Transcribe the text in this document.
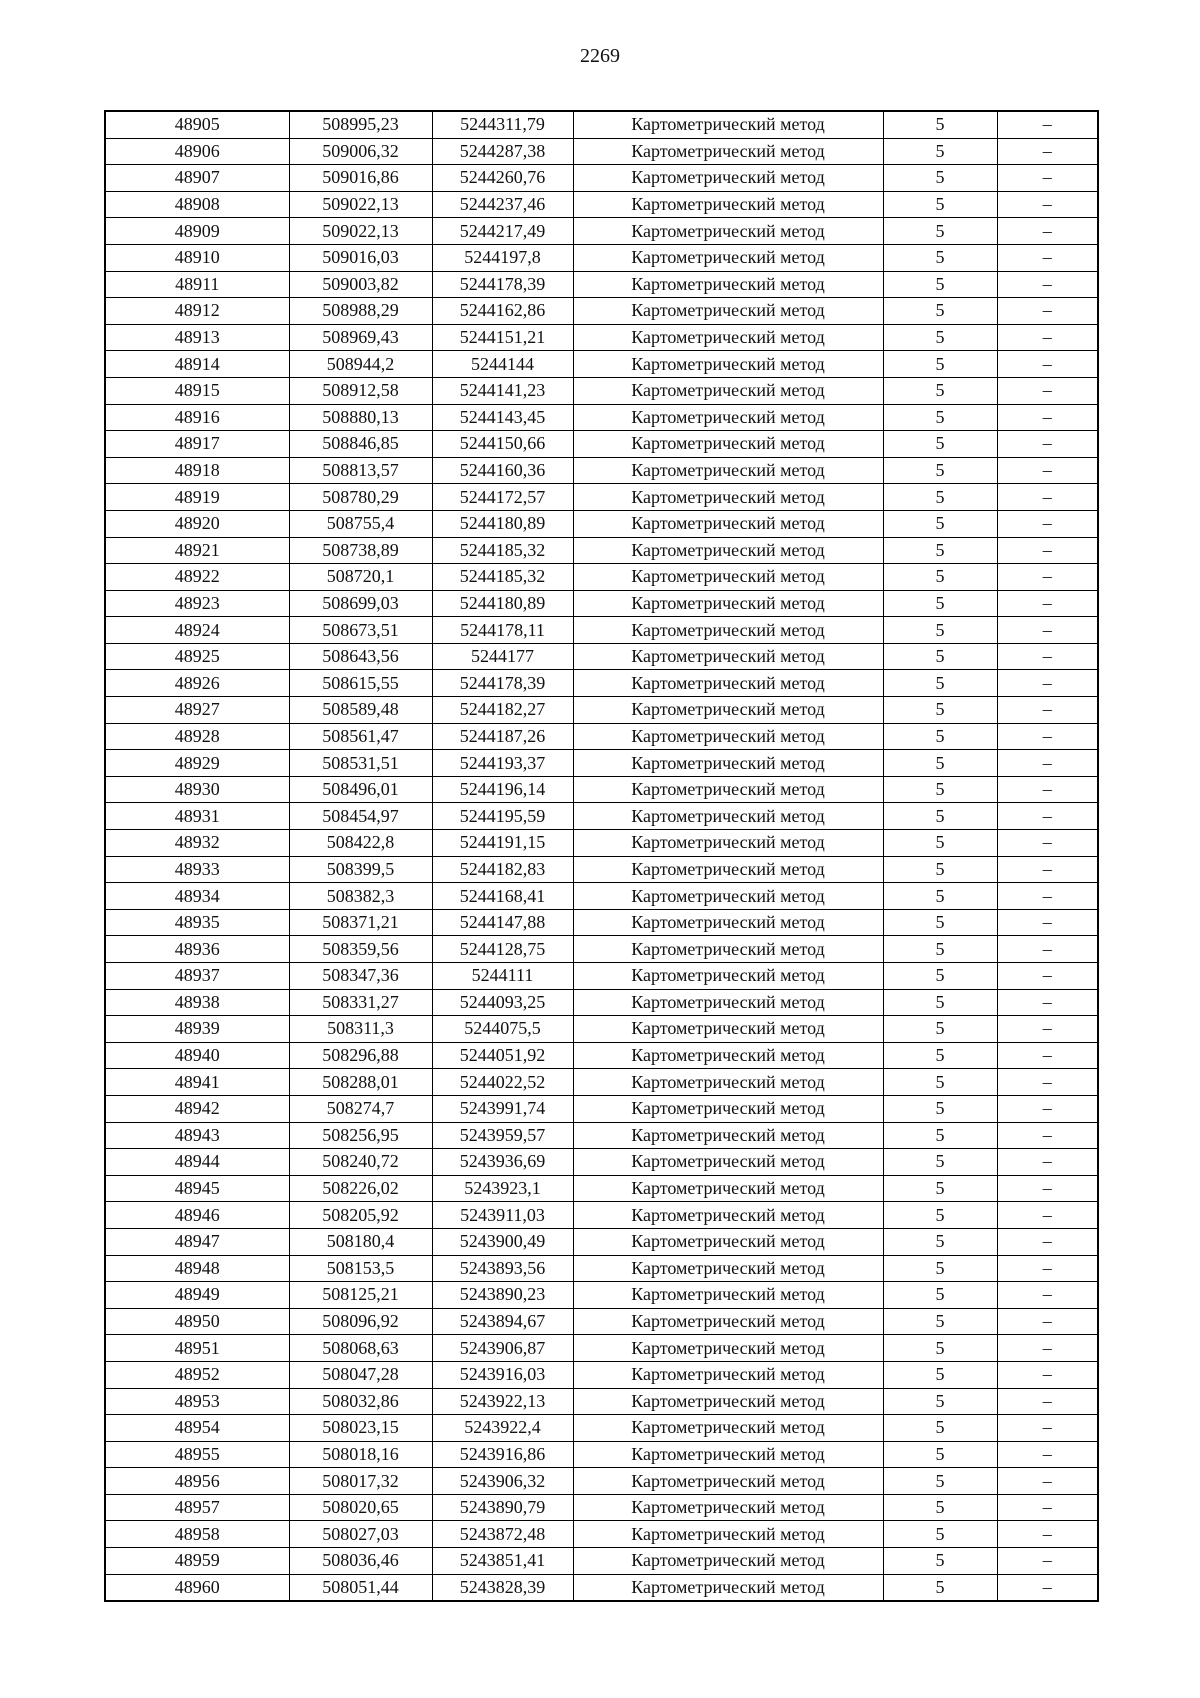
2269
48905	508995,23	5244311,79	Картометрический метод	5	–
48906	509006,32	5244287,38	Картометрический метод	5	–
48907	509016,86	5244260,76	Картометрический метод	5	–
48908	509022,13	5244237,46	Картометрический метод	5	–
48909	509022,13	5244217,49	Картометрический метод	5	–
48910	509016,03	5244197,8	Картометрический метод	5	–
48911	509003,82	5244178,39	Картометрический метод	5	–
48912	508988,29	5244162,86	Картометрический метод	5	–
48913	508969,43	5244151,21	Картометрический метод	5	–
48914	508944,2	5244144	Картометрический метод	5	–
48915	508912,58	5244141,23	Картометрический метод	5	–
48916	508880,13	5244143,45	Картометрический метод	5	–
48917	508846,85	5244150,66	Картометрический метод	5	–
48918	508813,57	5244160,36	Картометрический метод	5	–
48919	508780,29	5244172,57	Картометрический метод	5	–
48920	508755,4	5244180,89	Картометрический метод	5	–
48921	508738,89	5244185,32	Картометрический метод	5	–
48922	508720,1	5244185,32	Картометрический метод	5	–
48923	508699,03	5244180,89	Картометрический метод	5	–
48924	508673,51	5244178,11	Картометрический метод	5	–
48925	508643,56	5244177	Картометрический метод	5	–
48926	508615,55	5244178,39	Картометрический метод	5	–
48927	508589,48	5244182,27	Картометрический метод	5	–
48928	508561,47	5244187,26	Картометрический метод	5	–
48929	508531,51	5244193,37	Картометрический метод	5	–
48930	508496,01	5244196,14	Картометрический метод	5	–
48931	508454,97	5244195,59	Картометрический метод	5	–
48932	508422,8	5244191,15	Картометрический метод	5	–
48933	508399,5	5244182,83	Картометрический метод	5	–
48934	508382,3	5244168,41	Картометрический метод	5	–
48935	508371,21	5244147,88	Картометрический метод	5	–
48936	508359,56	5244128,75	Картометрический метод	5	–
48937	508347,36	5244111	Картометрический метод	5	–
48938	508331,27	5244093,25	Картометрический метод	5	–
48939	508311,3	5244075,5	Картометрический метод	5	–
48940	508296,88	5244051,92	Картометрический метод	5	–
48941	508288,01	5244022,52	Картометрический метод	5	–
48942	508274,7	5243991,74	Картометрический метод	5	–
48943	508256,95	5243959,57	Картометрический метод	5	–
48944	508240,72	5243936,69	Картометрический метод	5	–
48945	508226,02	5243923,1	Картометрический метод	5	–
48946	508205,92	5243911,03	Картометрический метод	5	–
48947	508180,4	5243900,49	Картометрический метод	5	–
48948	508153,5	5243893,56	Картометрический метод	5	–
48949	508125,21	5243890,23	Картометрический метод	5	–
48950	508096,92	5243894,67	Картометрический метод	5	–
48951	508068,63	5243906,87	Картометрический метод	5	–
48952	508047,28	5243916,03	Картометрический метод	5	–
48953	508032,86	5243922,13	Картометрический метод	5	–
48954	508023,15	5243922,4	Картометрический метод	5	–
48955	508018,16	5243916,86	Картометрический метод	5	–
48956	508017,32	5243906,32	Картометрический метод	5	–
48957	508020,65	5243890,79	Картометрический метод	5	–
48958	508027,03	5243872,48	Картометрический метод	5	–
48959	508036,46	5243851,41	Картометрический метод	5	–
48960	508051,44	5243828,39	Картометрический метод	5	–
